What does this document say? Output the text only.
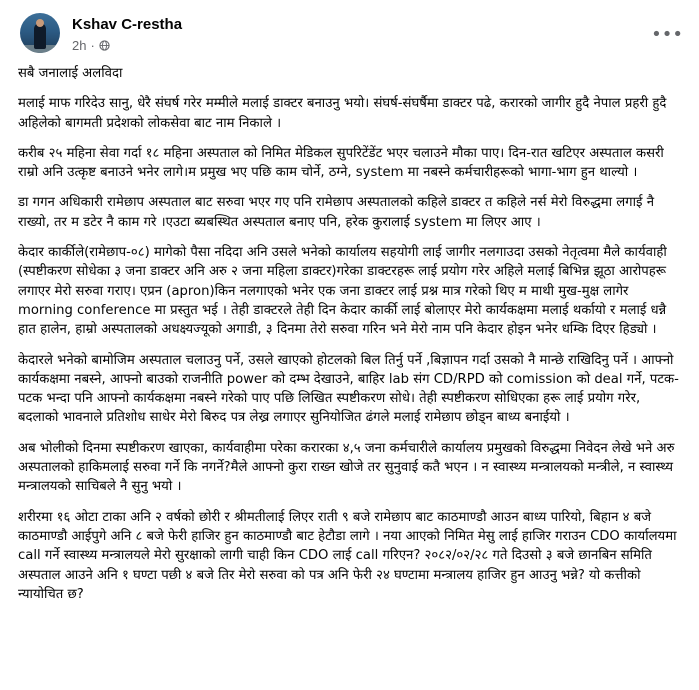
Kshav C-restha
2h ·
•••

सबै जनालाई अलविदा

मलाई माफ गरिदेउ सानु, धेरै संघर्ष गरेर मम्मीले मलाई डाक्टर बनाउनु भयो। संघर्ष-संघर्षैमा डाक्टर पढे, करारको जागीर हुदै नेपाल प्रहरी हुदै अहिलेको बागमती प्रदेशको लोकसेवा बाट नाम निकाले ।

करीब २५ महिना सेवा गर्दा १८ महिना अस्पताल को निमित मेडिकल सुपरिटेंडेंट भएर चलाउने मौका पाए। दिन-रात खटिएर अस्पताल कसरी राम्रो अनि उत्कृष्ट बनाउने भनेर लागे।म प्रमुख भए पछि काम चोर्ने, ठग्ने, system मा नबस्ने कर्मचारीहरूको भागा-भाग हुन थाल्यो ।

डा गगन अधिकारी रामेछाप अस्पताल बाट सरुवा भएर गए पनि रामेछाप अस्पतालको कहिले डाक्टर त कहिले नर्स मेरो विरुद्धमा लगाई नै राख्यो, तर म डटेर नै काम गरे ।एउटा ब्यबस्थित अस्पताल बनाए पनि, हरेक कुरालाई system मा लिएर आए ।

केदार कार्कीले(रामेछाप-०८) मागेको पैसा नदिदा अनि उसले भनेको कार्यालय सहयोगी लाई जागीर नलगाउदा उसको नेतृत्वमा मैले कार्यवाही (स्पष्टीकरण सोधेका ३ जना डाक्टर अनि अरु २ जना महिला डाक्टर)गरेका डाक्टरहरू लाई प्रयोग गरेर अहिले मलाई बिभिन्न झूठा आरोपहरू लगाएर मेरो सरुवा गराए। एप्रन (apron)किन नलगाएको भनेर एक जना डाक्टर लाई प्रश्न मात्र गरेको थिए म माथी मुख-मुक्ष लागेर morning conference मा प्रस्तुत भई । तेही डाक्टरले तेही दिन केदार कार्की लाई बोलाएर मेरो कार्यकक्षमा मलाई थर्कायो र मलाई धन्नै हात हालेन, हाम्रो अस्पतालको अधक्ष्यज्यूको अगाडी, ३ दिनमा तेरो सरुवा गरिन भने मेरो नाम पनि केदार होइन भनेर धम्कि दिएर हिड्यो ।

केदारले भनेको बामोजिम अस्पताल चलाउनु पर्ने, उसले खाएको होटलको बिल तिर्नु पर्ने ,बिज्ञापन गर्दा उसको नै मान्छे राखिदिनु पर्ने । आफ्नो कार्यकक्षमा नबस्ने, आफ्नो बाउको राजनीति power को दम्भ देखाउने, बाहिर lab संग CD/RPD को comission को deal गर्ने, पटक-पटक भन्दा पनि आफ्नो कार्यकक्षमा नबस्ने गरेको पाए पछि लिखित स्पष्टीकरण सोधे। तेही स्पष्टीकरण सोधिएका हरू लाई प्रयोग गरेर, बदलाको भावनाले प्रतिशोध साधेर मेरो बिरुद पत्र लेख्र लगाएर सुनियोजित ढंगले मलाई रामेछाप छोड्न बाध्य बनाईयो ।

अब भोलीको दिनमा स्पष्टीकरण खाएका, कार्यवाहीमा परेका करारका ४,५ जना कर्मचारीले कार्यालय प्रमुखको विरुद्धमा निवेदन लेखे भने अरु अस्पतालको हाकिमलाई सरुवा गर्ने कि नगर्ने?मैले आफ्नो कुरा राख्न खोजे तर सुनुवाई कतै भएन । न स्वास्थ्य मन्त्रालयको मन्त्रीले, न स्वास्थ्य मन्त्रालयको साचिबले नै सुनु भयो ।

शरीरमा १६ ओटा टाका अनि २ वर्षको छोरी र श्रीमतीलाई लिएर राती ९ बजे रामेछाप बाट काठमाण्डौ आउन बाध्य पारियो, बिहान ४ बजे काठमाण्डौ आईपुगे अनि ८ बजे फेरी हाजिर हुन काठमाण्डौ बाट हेटौडा लागे । नया आएको निमित मेसु लाई हाजिर गराउन CDO कार्यालयमा call गर्ने स्वास्थ्य मन्त्रालयले मेरो सुरक्षाको लागी चाही किन CDO लाई call गरिएन? २०८२/०२/२८ गते दिउसो ३ बजे छानबिन समिति अस्पताल आउने अनि १ घण्टा पछी ४ बजे तिर मेरो सरुवा को पत्र अनि फेरी २४ घण्टामा मन्त्रालय हाजिर हुन आउनु भन्ने? यो कत्तीको न्यायोचित छ?
